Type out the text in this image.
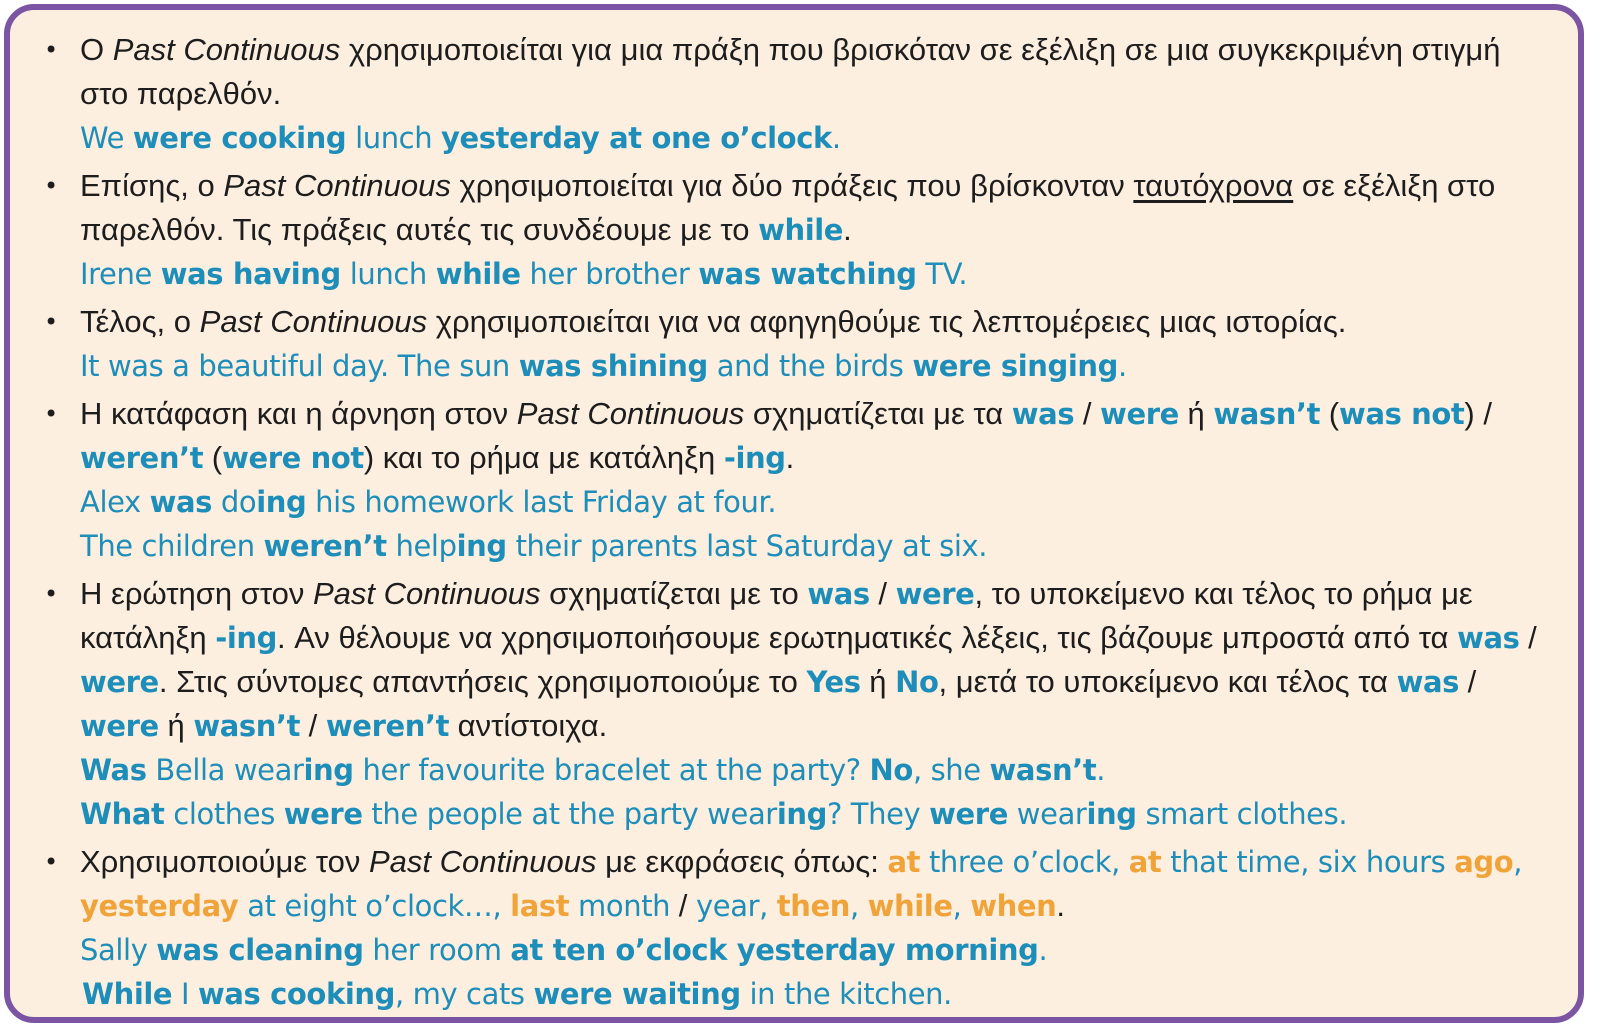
• Ο Past Continuous χρησιμοποιείται για μια πράξη που βρισκόταν σε εξέλιξη σε μια συγκεκριμένη στιγμή στο παρελθόν.

We were cooking lunch yesterday at one o’clock.

• Επίσης, ο Past Continuous χρησιμοποιείται για δύο πράξεις που βρίσκονταν ταυτόχρονα σε εξέλιξη στο παρελθόν. Τις πράξεις αυτές τις συνδέουμε με το while.

Irene was having lunch while her brother was watching TV.

• Τέλος, ο Past Continuous χρησιμοποιείται για να αφηγηθούμε τις λεπτομέρειες μιας ιστορίας.

It was a beautiful day. The sun was shining and the birds were singing.

• Η κατάφαση και η άρνηση στον Past Continuous σχηματίζεται με τα was / were ή wasn’t (was not) / weren’t (were not) και το ρήμα με κατάληξη -ing.

Alex was doing his homework last Friday at four.

The children weren’t helping their parents last Saturday at six.

• Η ερώτηση στον Past Continuous σχηματίζεται με το was / were, το υποκείμενο και τέλος το ρήμα με κατάληξη -ing. Αν θέλουμε να χρησιμοποιήσουμε ερωτηματικές λέξεις, τις βάζουμε μπροστά από τα was / were. Στις σύντομες απαντήσεις χρησιμοποιούμε το Yes ή No, μετά το υποκείμενο και τέλος τα was / were ή wasn’t / weren’t αντίστοιχα.

Was Bella wearing her favourite bracelet at the party? No, she wasn’t.

What clothes were the people at the party wearing? They were wearing smart clothes.

• Χρησιμοποιούμε τον Past Continuous με εκφράσεις όπως: at three o’clock, at that time, six hours ago, yesterday at eight o’clock…, last month / year, then, while, when.

Sally was cleaning her room at ten o’clock yesterday morning.

While I was cooking, my cats were waiting in the kitchen.
